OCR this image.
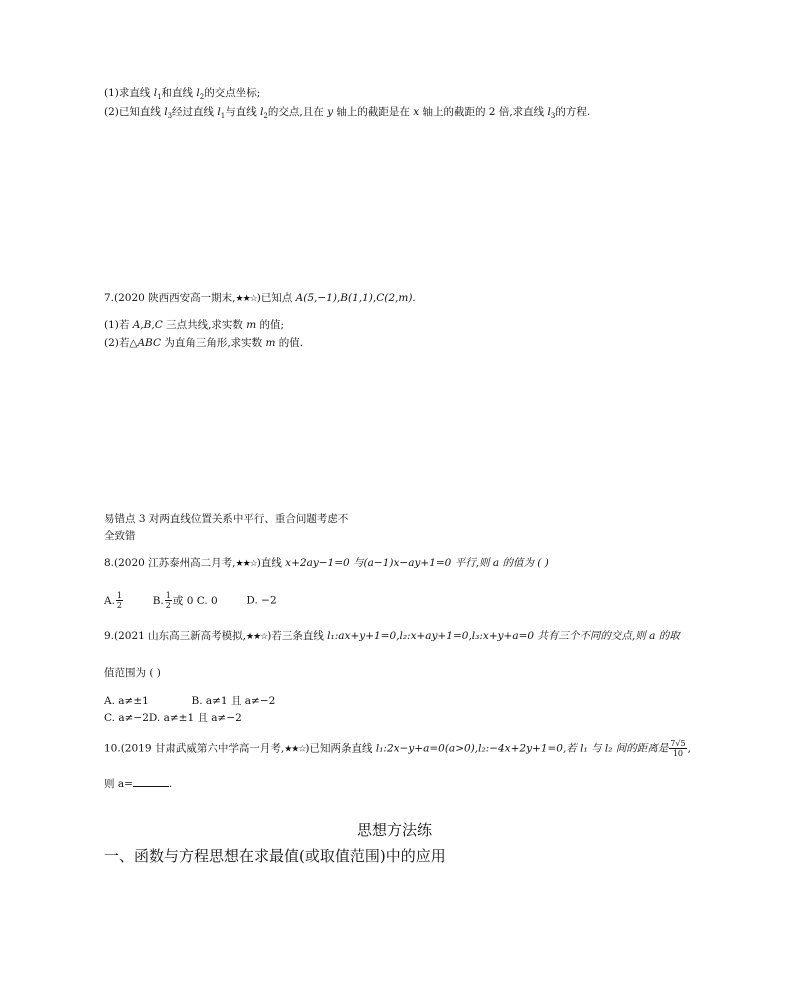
(1)求直线 $l_1$和直线 $l_2$的交点坐标;
(2)已知直线 $l_3$经过直线 $l_1$与直线 $l_2$的交点,且在 y 轴上的截距是在 x 轴上的截距的 2 倍,求直线 $l_3$的方程.
7.(2020 陕西西安高一期末,★★☆)已知点 A(5,−1),B(1,1),C(2,m).
(1)若 A,B,C 三点共线,求实数 m 的值;
(2)若△ABC 为直角三角形,求实数 m 的值.
易错点 3 对两直线位置关系中平行、重合问题考虑不
全致错
8.(2020 江苏泰州高二月考,★★☆)直线 x+2ay−1=0 与(a−1)x−ay+1=0 平行,则 a 的值为 ( )
A. $\frac{1}{2}$	B. $\frac{1}{2}$ 或 0 C. 0	D. −2
9.(2021 山东高三新高考模拟,★★☆)若三条直线 l₁:ax+y+1=0,l₂:x+ay+1=0,l₃:x+y+a=0 共有三个不同的交点,则 a 的取
值范围为 ( )
A. a≠±1	B. a≠1 且 a≠−2
C. a≠−2D. a≠±1 且 a≠−2
10.(2019 甘肃武威第六中学高一月考,★★☆)已知两条直线 l₁:2x−y+a=0(a>0),l₂:−4x+2y+1=0,若 l₁ 与 l₂ 间的距离是 $\frac{7√5}{10}$ ,
则 a=	.
思想方法练
一、函数与方程思想在求最值(或取值范围)中的应用
